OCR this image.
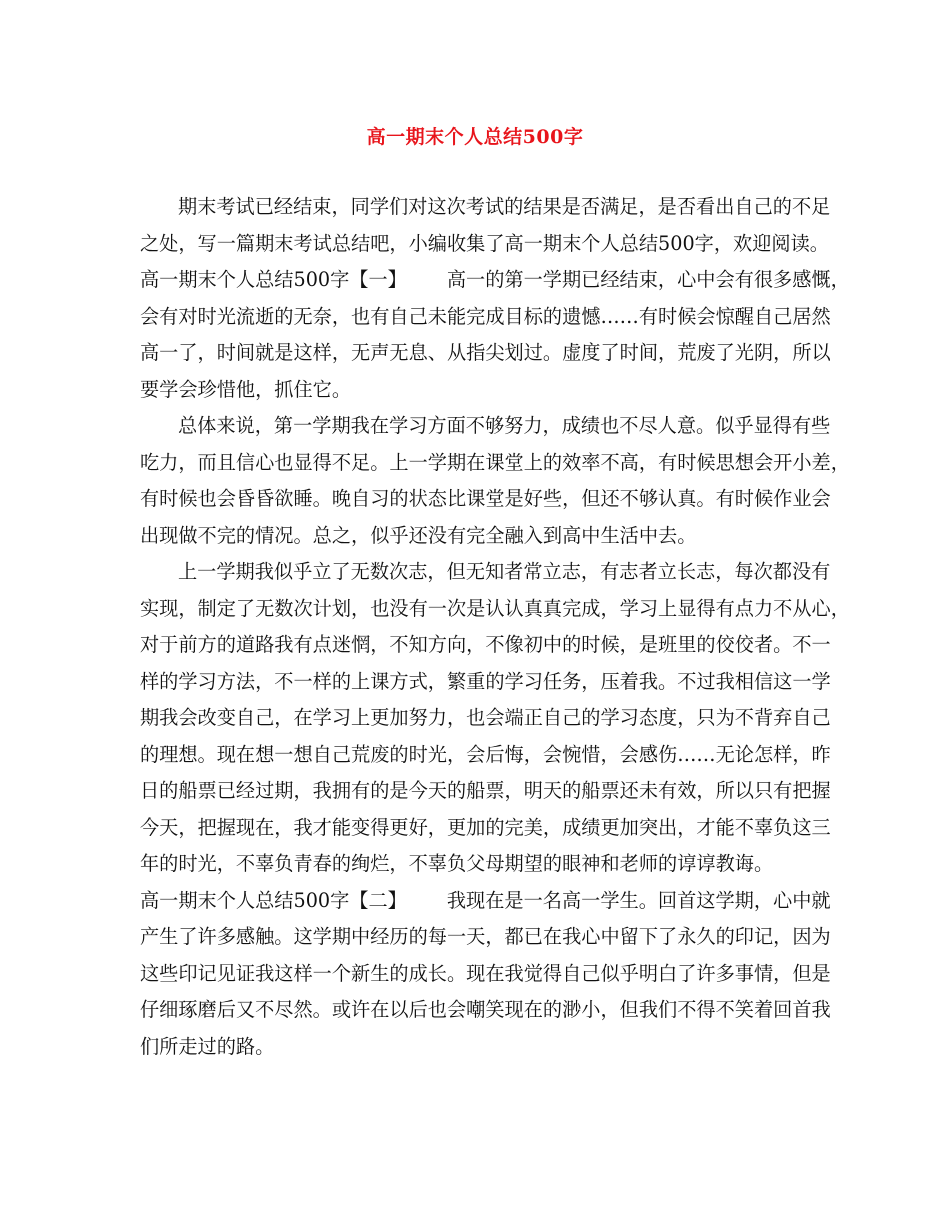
高一期末个人总结500字
期末考试已经结束，同学们对这次考试的结果是否满足，是否看出自己的不足
之处，写一篇期末考试总结吧，小编收集了高一期末个人总结500字，欢迎阅读。
高一期末个人总结500字【一】 高一的第一学期已经结束，心中会有很多感慨，
会有对时光流逝的无奈，也有自己未能完成目标的遗憾……有时候会惊醒自己居然
高一了，时间就是这样，无声无息、从指尖划过。虚度了时间，荒废了光阴，所以
要学会珍惜他，抓住它。
总体来说，第一学期我在学习方面不够努力，成绩也不尽人意。似乎显得有些
吃力，而且信心也显得不足。上一学期在课堂上的效率不高，有时候思想会开小差，
有时候也会昏昏欲睡。晚自习的状态比课堂是好些，但还不够认真。有时候作业会
出现做不完的情况。总之，似乎还没有完全融入到高中生活中去。
上一学期我似乎立了无数次志，但无知者常立志，有志者立长志，每次都没有
实现，制定了无数次计划，也没有一次是认认真真完成，学习上显得有点力不从心，
对于前方的道路我有点迷惘，不知方向，不像初中的时候，是班里的佼佼者。不一
样的学习方法，不一样的上课方式，繁重的学习任务，压着我。不过我相信这一学
期我会改变自己，在学习上更加努力，也会端正自己的学习态度，只为不背弃自己
的理想。现在想一想自己荒废的时光，会后悔，会惋惜，会感伤……无论怎样，昨
日的船票已经过期，我拥有的是今天的船票，明天的船票还未有效，所以只有把握
今天，把握现在，我才能变得更好，更加的完美，成绩更加突出，才能不辜负这三
年的时光，不辜负青春的绚烂，不辜负父母期望的眼神和老师的谆谆教诲。
高一期末个人总结500字【二】 我现在是一名高一学生。回首这学期，心中就
产生了许多感触。这学期中经历的每一天，都已在我心中留下了永久的印记，因为
这些印记见证我这样一个新生的成长。现在我觉得自己似乎明白了许多事情，但是
仔细琢磨后又不尽然。或许在以后也会嘲笑现在的渺小，但我们不得不笑着回首我
们所走过的路。
